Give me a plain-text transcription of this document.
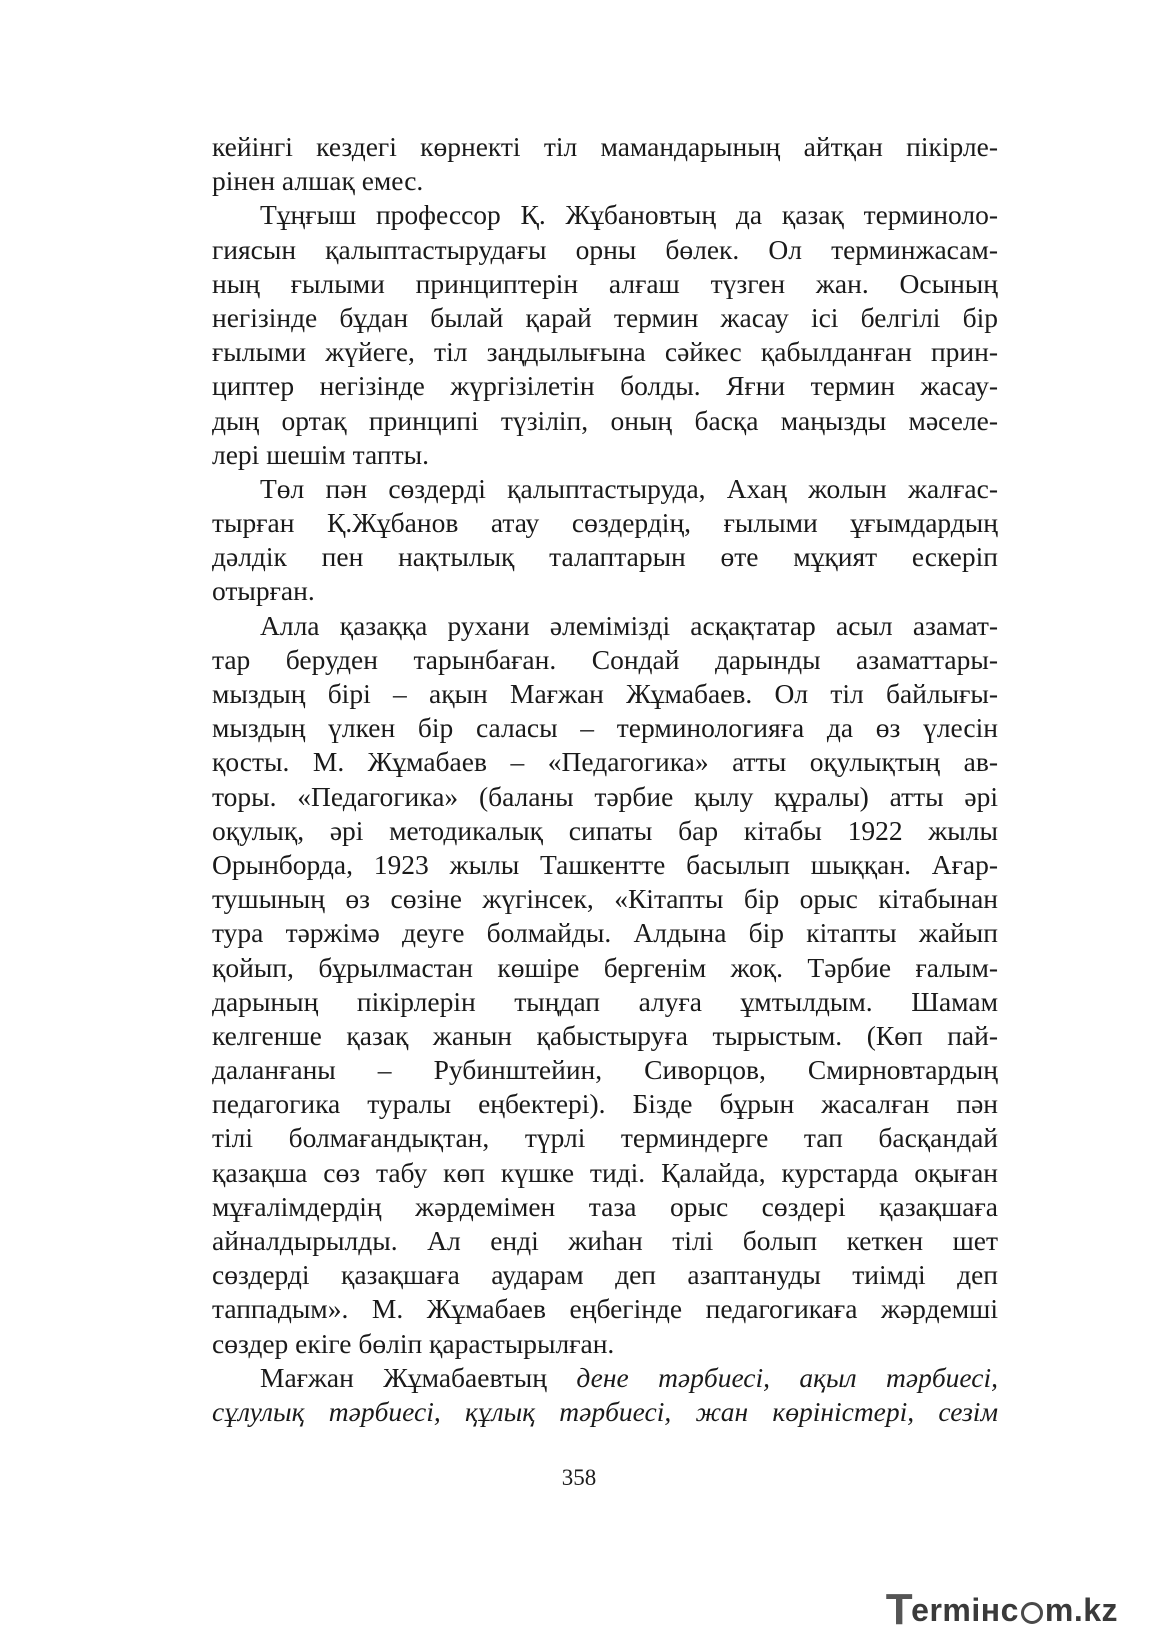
кейінгі кездегі көрнекті тіл мамандарының айтқан пікірле-
рінен алшақ емес.
Тұңғыш профессор Қ. Жұбановтың да қазақ терминоло-
гиясын қалыптастырудағы орны бөлек. Ол терминжасам-
ның ғылыми принциптерін алғаш түзген жан. Осының
негізінде бұдан былай қарай термин жасау ісі белгілі бір
ғылыми жүйеге, тіл заңдылығына сәйкес қабылданған прин-
циптер негізінде жүргізілетін болды. Яғни термин жасау-
дың ортақ принципі түзіліп, оның басқа маңызды мәселе-
лері шешім тапты.
Төл пән сөздерді қалыптастыруда, Ахаң жолын жалғас-
тырған Қ.Жұбанов атау сөздердің, ғылыми ұғымдардың
дәлдік пен нақтылық талаптарын өте мұқият ескеріп
отырған.
Алла қазаққа рухани әлемімізді асқақтатар асыл азамат-
тар беруден тарынбаған. Сондай дарынды азаматтары-
мыздың бірі – ақын Мағжан Жұмабаев. Ол тіл байлығы-
мыздың үлкен бір саласы – терминологияға да өз үлесін
қосты. М. Жұмабаев – «Педагогика» атты оқулықтың ав-
торы. «Педагогика» (баланы тәрбие қылу құралы) атты әрі
оқулық, әрі методикалық сипаты бар кітабы 1922 жылы
Орынборда, 1923 жылы Ташкентте басылып шыққан. Ағар-
тушының өз сөзіне жүгінсек, «Кітапты бір орыс кітабынан
тура тәржімә деуге болмайды. Алдына бір кітапты жайып
қойып, бұрылмастан көшіре бергенім жоқ. Тәрбие ғалым-
дарының пікірлерін тыңдап алуға ұмтылдым. Шамам
келгенше қазақ жанын қабыстыруға тырыстым. (Көп пай-
даланғаны – Рубинштейин, Сиворцов, Смирновтардың
педагогика туралы еңбектері). Бізде бұрын жасалған пән
тілі болмағандықтан, түрлі терминдерге тап басқандай
қазақша сөз табу көп күшке тиді. Қалайда, курстарда оқыған
мұғалімдердің жәрдемімен таза орыс сөздері қазақшаға
айналдырылды. Ал енді жиһан тілі болып кеткен шет
сөздерді қазақшаға аударам деп азаптануды тиімді деп
таппадым». М. Жұмабаев еңбегінде педагогикаға жәрдемші
сөздер екіге бөліп қарастырылған.
Мағжан Жұмабаевтың дене тәрбиесі, ақыл тәрбиесі,
сұлулық тәрбиесі, құлық тәрбиесі, жан көріністері, сезім
358
T
ermінc m.kz
